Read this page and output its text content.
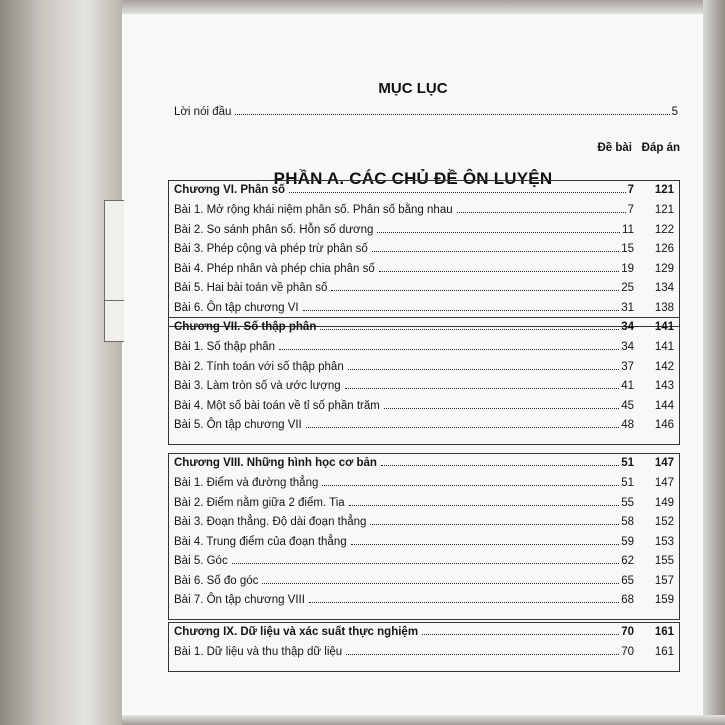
MỤC LỤC
Lời nói đầu	5
Đề bài Đáp án
PHẦN A. CÁC CHỦ ĐỀ ÔN LUYỆN
Chương VI. Phân số	7	121
Bài 1. Mở rộng khái niệm phân số. Phân số bằng nhau	7	121
Bài 2. So sánh phân số. Hỗn số dương	11	122
Bài 3. Phép cộng và phép trừ phân số	15	126
Bài 4. Phép nhân và phép chia phân số	19	129
Bài 5. Hai bài toán về phân số	25	134
Bài 6. Ôn tập chương VI	31	138
Chương VII. Số thập phân	34	141
Bài 1. Số thập phân	34	141
Bài 2. Tính toán với số thập phân	37	142
Bài 3. Làm tròn số và ước lượng	41	143
Bài 4. Một số bài toán về tỉ số phần trăm	45	144
Bài 5. Ôn tập chương VII	48	146
Chương VIII. Những hình học cơ bản	51	147
Bài 1. Điểm và đường thẳng	51	147
Bài 2. Điểm nằm giữa 2 điểm. Tia	55	149
Bài 3. Đoạn thẳng. Độ dài đoạn thẳng	58	152
Bài 4. Trung điểm của đoạn thẳng	59	153
Bài 5. Góc	62	155
Bài 6. Số đo góc	65	157
Bài 7. Ôn tập chương VIII	68	159
Chương IX. Dữ liệu và xác suất thực nghiệm	70	161
Bài 1. Dữ liệu và thu thập dữ liệu	70	161
